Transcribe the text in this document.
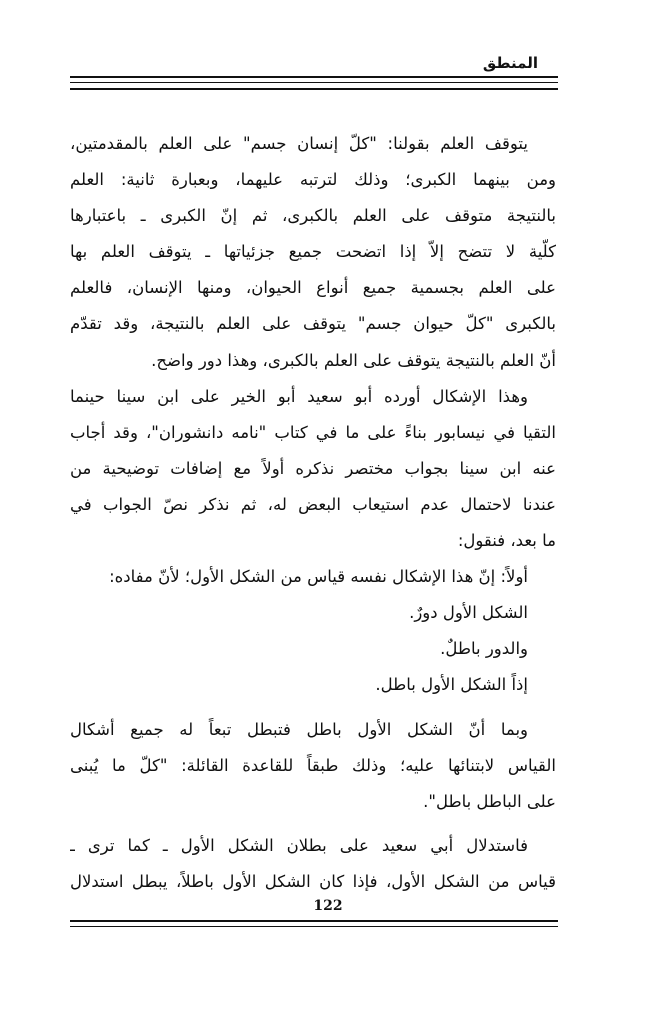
المنطق
يتوقف العلم بقولنا: "كلّ إنسان جسم" على العلم بالمقدمتين،
ومن بينهما الكبرى؛ وذلك لترتبه عليهما، وبعبارة ثانية: العلم
بالنتيجة متوقف على العلم بالكبرى، ثم إنّ الكبرى ـ باعتبارها
كلّية لا تتضح إلاّ إذا اتضحت جميع جزئياتها ـ يتوقف العلم بها
على العلم بجسمية جميع أنواع الحيوان، ومنها الإنسان، فالعلم
بالكبرى "كلّ حيوان جسم" يتوقف على العلم بالنتيجة، وقد تقدّم
أنّ العلم بالنتيجة يتوقف على العلم بالكبرى، وهذا دور واضح.
وهذا الإشكال أورده أبو سعيد أبو الخير على ابن سينا حينما
التقيا في نيسابور بناءً على ما في كتاب "نامه دانشوران"، وقد أجاب
عنه ابن سينا بجواب مختصر نذكره أولاً مع إضافات توضيحية من
عندنا لاحتمال عدم استيعاب البعض له، ثم نذكر نصّ الجواب في
ما بعد، فنقول:
أولاً: إنّ هذا الإشكال نفسه قياس من الشكل الأول؛ لأنّ مفاده:
الشكل الأول دورٌ.
والدور باطلٌ.
إذاً الشكل الأول باطل.
وبما أنّ الشكل الأول باطل فتبطل تبعاً له جميع أشكال
القياس لابتنائها عليه؛ وذلك طبقاً للقاعدة القائلة: "كلّ ما يُبنى
على الباطل باطل".
فاستدلال أبي سعيد على بطلان الشكل الأول ـ كما ترى ـ
قياس من الشكل الأول، فإذا كان الشكل الأول باطلاً، يبطل استدلال
122
